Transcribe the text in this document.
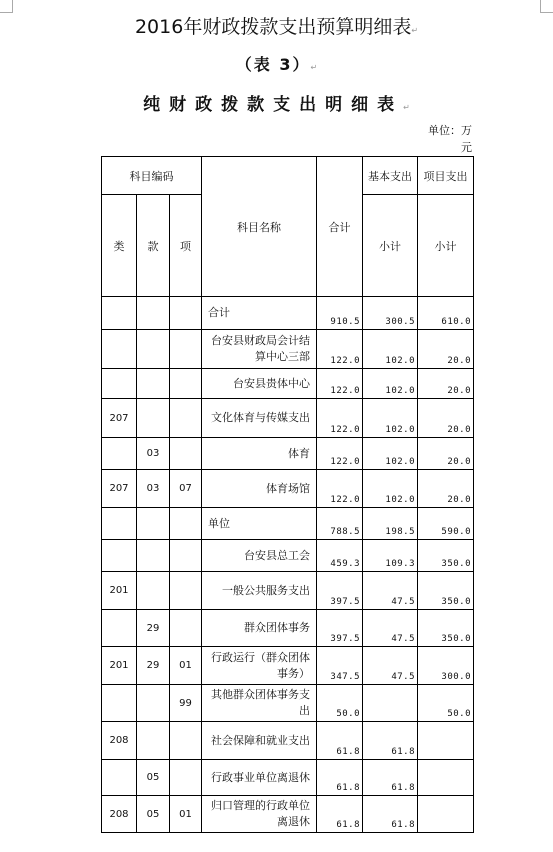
2016年财政拨款支出预算明细表↵
（表 3）↵
纯财政拨款支出明细表↵
单位：万元
科目编码			科目名称	合计	基本支出	项目支出
类	款	项			小计	小计
			合计	910.5	300.5	610.0
			台安县财政局会计结算中心三部	122.0	102.0	20.0
			台安县贵体中心	122.0	102.0	20.0
207			文化体育与传媒支出	122.0	102.0	20.0
	03		体育	122.0	102.0	20.0
207	03	07	体育场馆	122.0	102.0	20.0
			单位	788.5	198.5	590.0
			台安县总工会	459.3	109.3	350.0
201			一般公共服务支出	397.5	47.5	350.0
	29		群众团体事务	397.5	47.5	350.0
201	29	01	行政运行（群众团体事务）	347.5	47.5	300.0
		99	其他群众团体事务支出	50.0		50.0
208			社会保障和就业支出	61.8	61.8	
	05		行政事业单位离退休	61.8	61.8	
208	05	01	归口管理的行政单位离退休	61.8	61.8	
